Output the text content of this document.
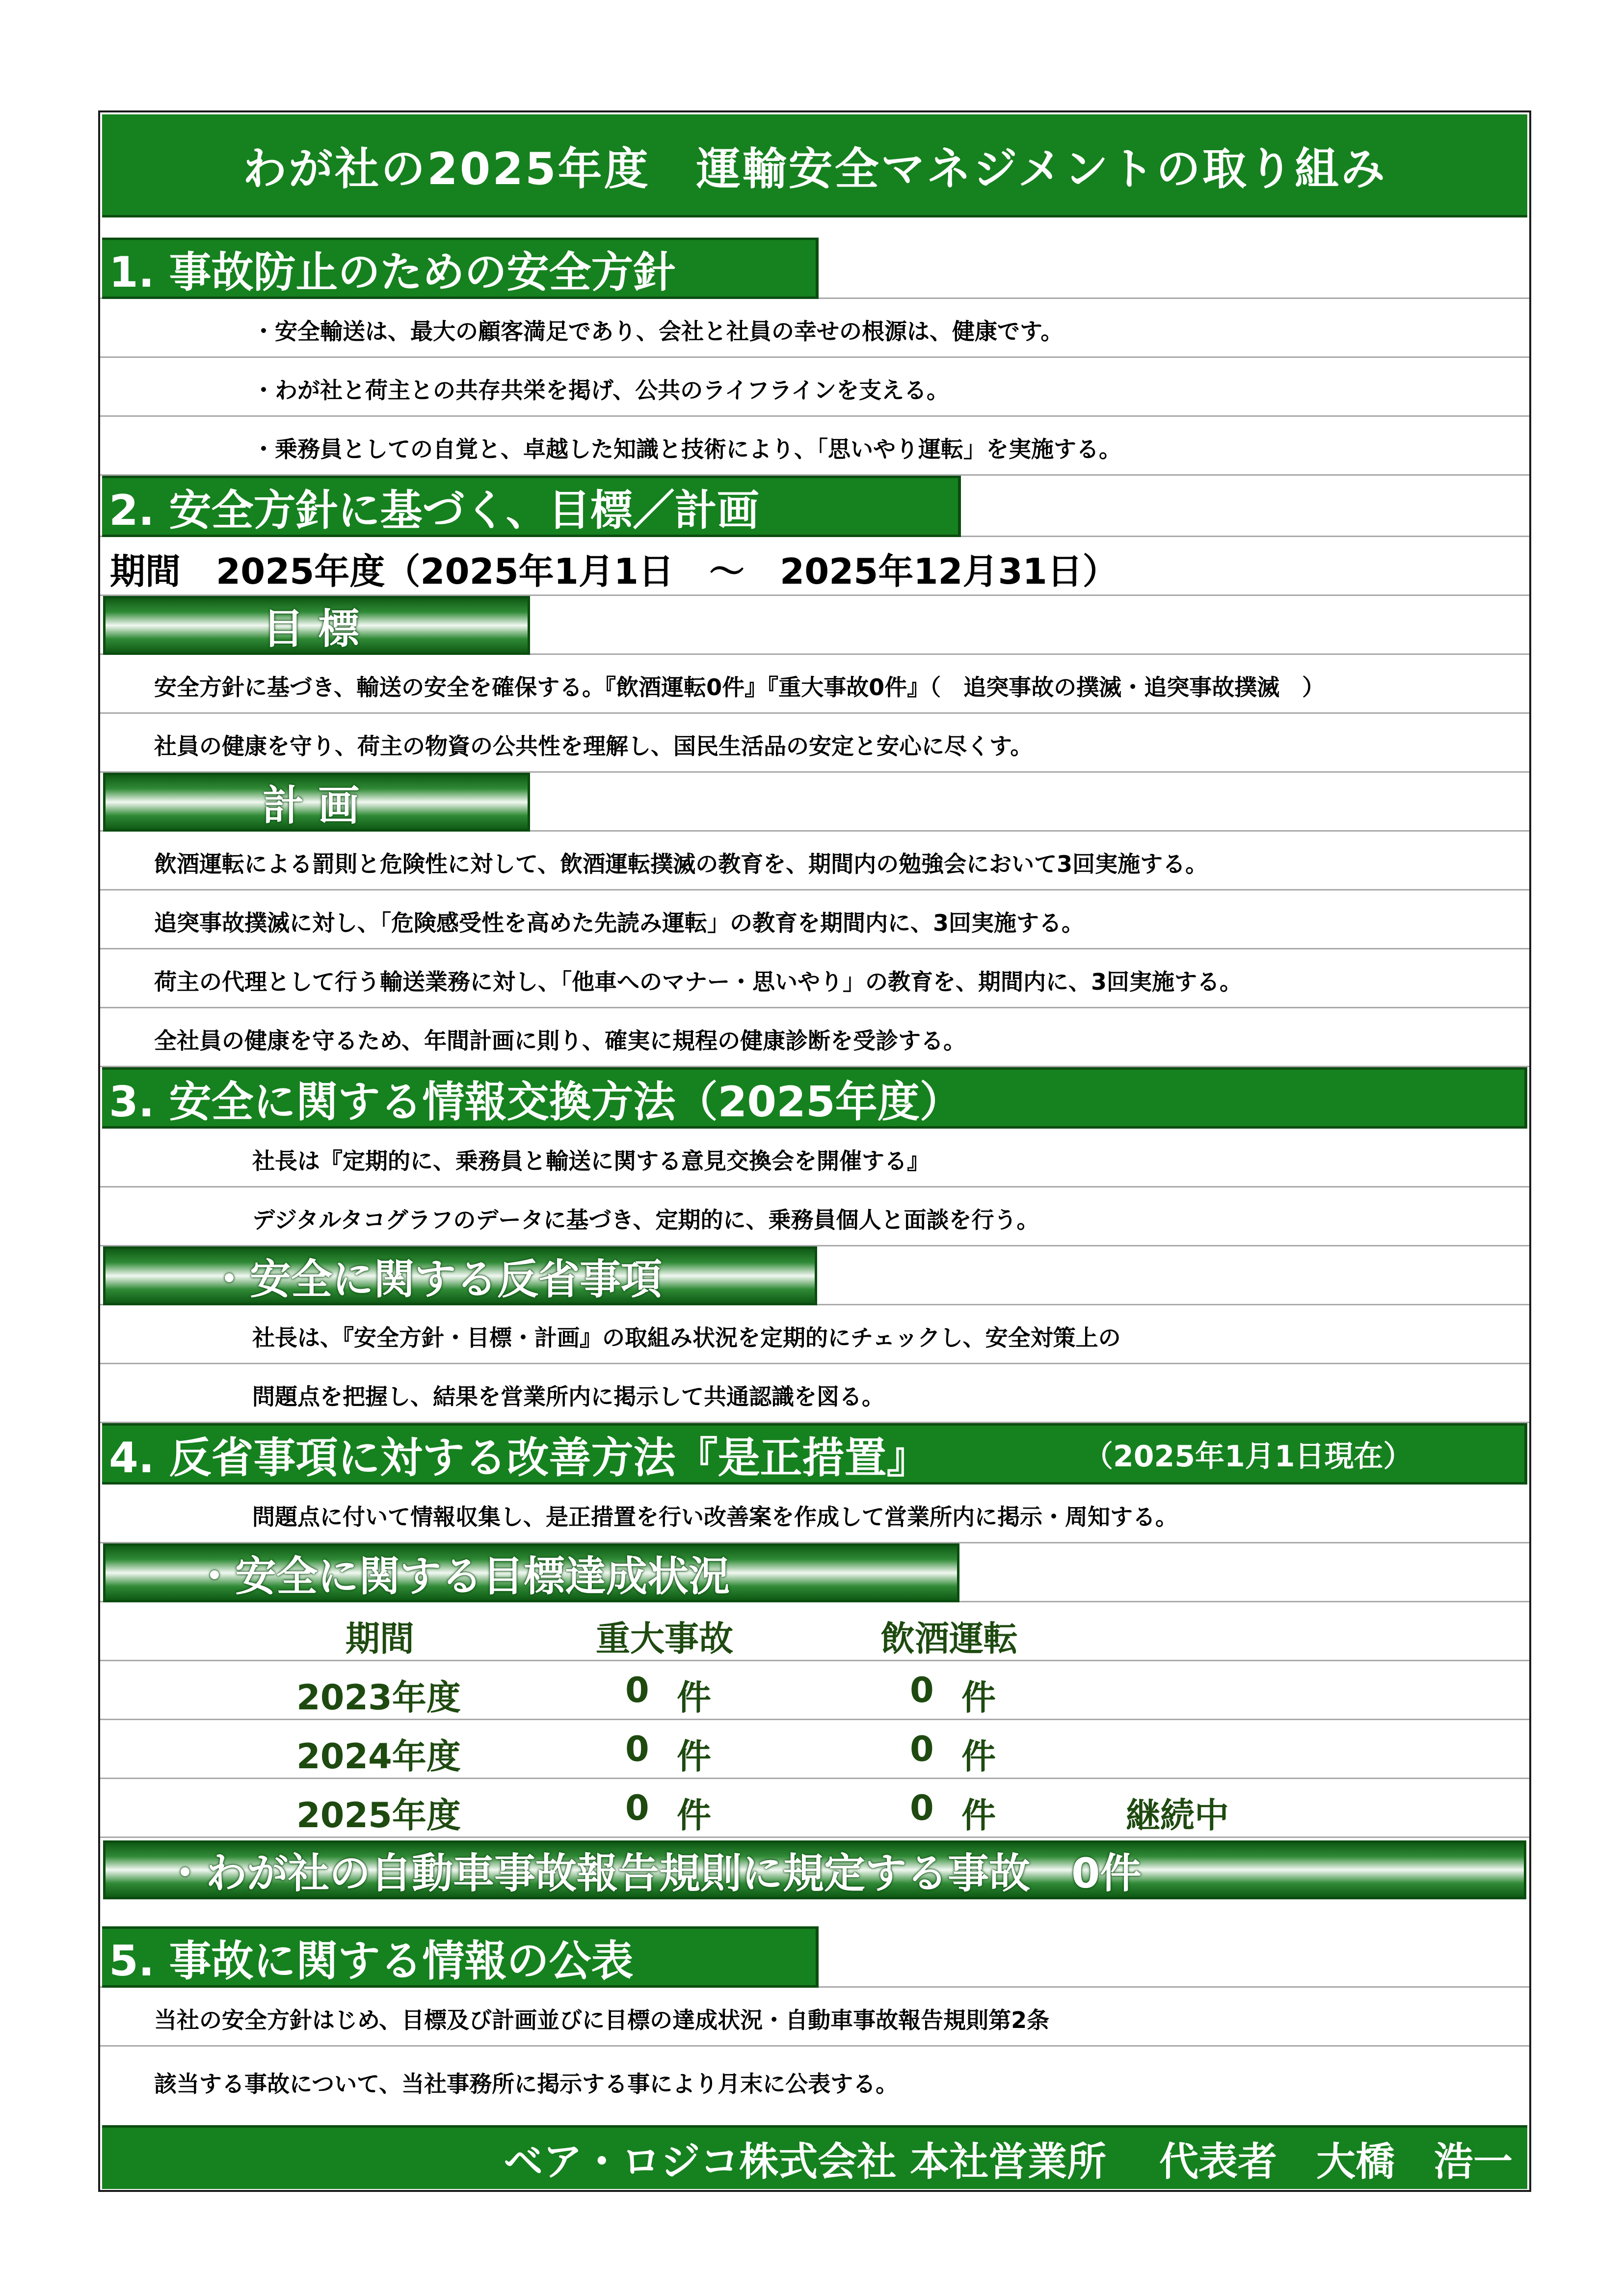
わが社の2025年度　運輸安全マネジメントの取り組み
1. 事故防止のための安全方針
・安全輸送は、最大の顧客満足であり、会社と社員の幸せの根源は、健康です。
・わが社と荷主との共存共栄を掲げ、公共のライフラインを支える。
・乗務員としての自覚と、卓越した知識と技術により、「思いやり運転」を実施する。
2. 安全方針に基づく、目標／計画
期間　2025年度（2025年1月1日　～　2025年12月31日）
目 標
安全方針に基づき、輸送の安全を確保する。『飲酒運転0件』『重大事故0件』（　追突事故の撲滅・追突事故撲滅　）
社員の健康を守り、荷主の物資の公共性を理解し、国民生活品の安定と安心に尽くす。
計 画
飲酒運転による罰則と危険性に対して、飲酒運転撲滅の教育を、期間内の勉強会において3回実施する。
追突事故撲滅に対し、「危険感受性を高めた先読み運転」の教育を期間内に、3回実施する。
荷主の代理として行う輸送業務に対し、「他車へのマナー・思いやり」の教育を、期間内に、3回実施する。
全社員の健康を守るため、年間計画に則り、確実に規程の健康診断を受診する。
3. 安全に関する情報交換方法（2025年度）
社長は『定期的に、乗務員と輸送に関する意見交換会を開催する』
デジタルタコグラフのデータに基づき、定期的に、乗務員個人と面談を行う。
・安全に関する反省事項
社長は、『安全方針・目標・計画』の取組み状況を定期的にチェックし、安全対策上の
問題点を把握し、結果を営業所内に掲示して共通認識を図る。
4. 反省事項に対する改善方法『是正措置』	（2025年1月1日現在）
問題点に付いて情報収集し、是正措置を行い改善案を作成して営業所内に掲示・周知する。
・安全に関する目標達成状況
期間	重大事故	飲酒運転
2023年度	0 件	0 件
2024年度	0 件	0 件
2025年度	0 件	0 件	継続中
・わが社の自動車事故報告規則に規定する事故　0件
5. 事故に関する情報の公表
当社の安全方針はじめ、目標及び計画並びに目標の達成状況・自動車事故報告規則第2条
該当する事故について、当社事務所に掲示する事により月末に公表する。
ベア・ロジコ株式会社 本社営業所　 代表者　大橋　浩一
